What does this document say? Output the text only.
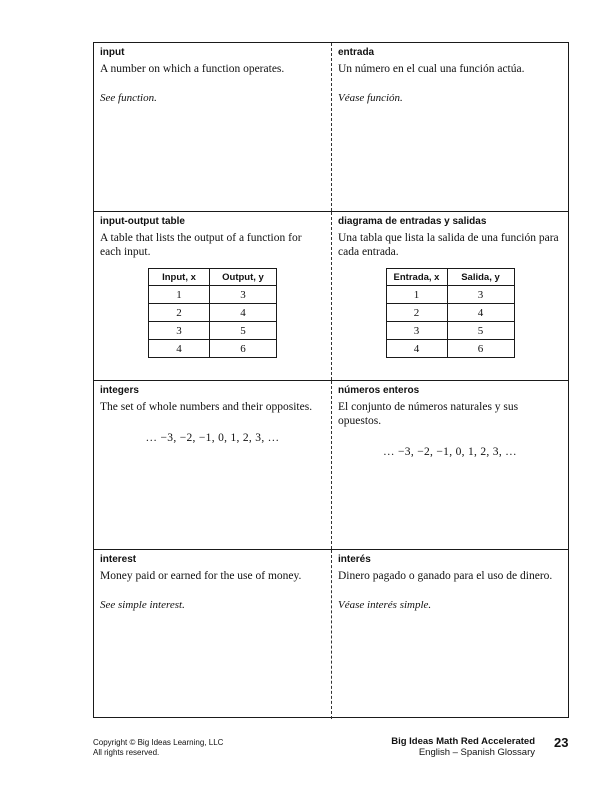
input

A number on which a function operates.

See function.
entrada

Un número en el cual una función actúa.

Véase función.
input-output table

A table that lists the output of a function for each input.

Input, x	Output, y
1	3
2	4
3	5
4	6
diagrama de entradas y salidas

Una tabla que lista la salida de una función para cada entrada.

Entrada, x	Salida, y
1	3
2	4
3	5
4	6
integers

The set of whole numbers and their opposites.

… −3, −2, −1, 0, 1, 2, 3, …
números enteros

El conjunto de números naturales y sus opuestos.

… −3, −2, −1, 0, 1, 2, 3, …
interest

Money paid or earned for the use of money.

See simple interest.
interés

Dinero pagado o ganado para el uso de dinero.

Véase interés simple.
Copyright © Big Ideas Learning, LLC
All rights reserved.
Big Ideas Math Red Accelerated
English – Spanish Glossary
23
